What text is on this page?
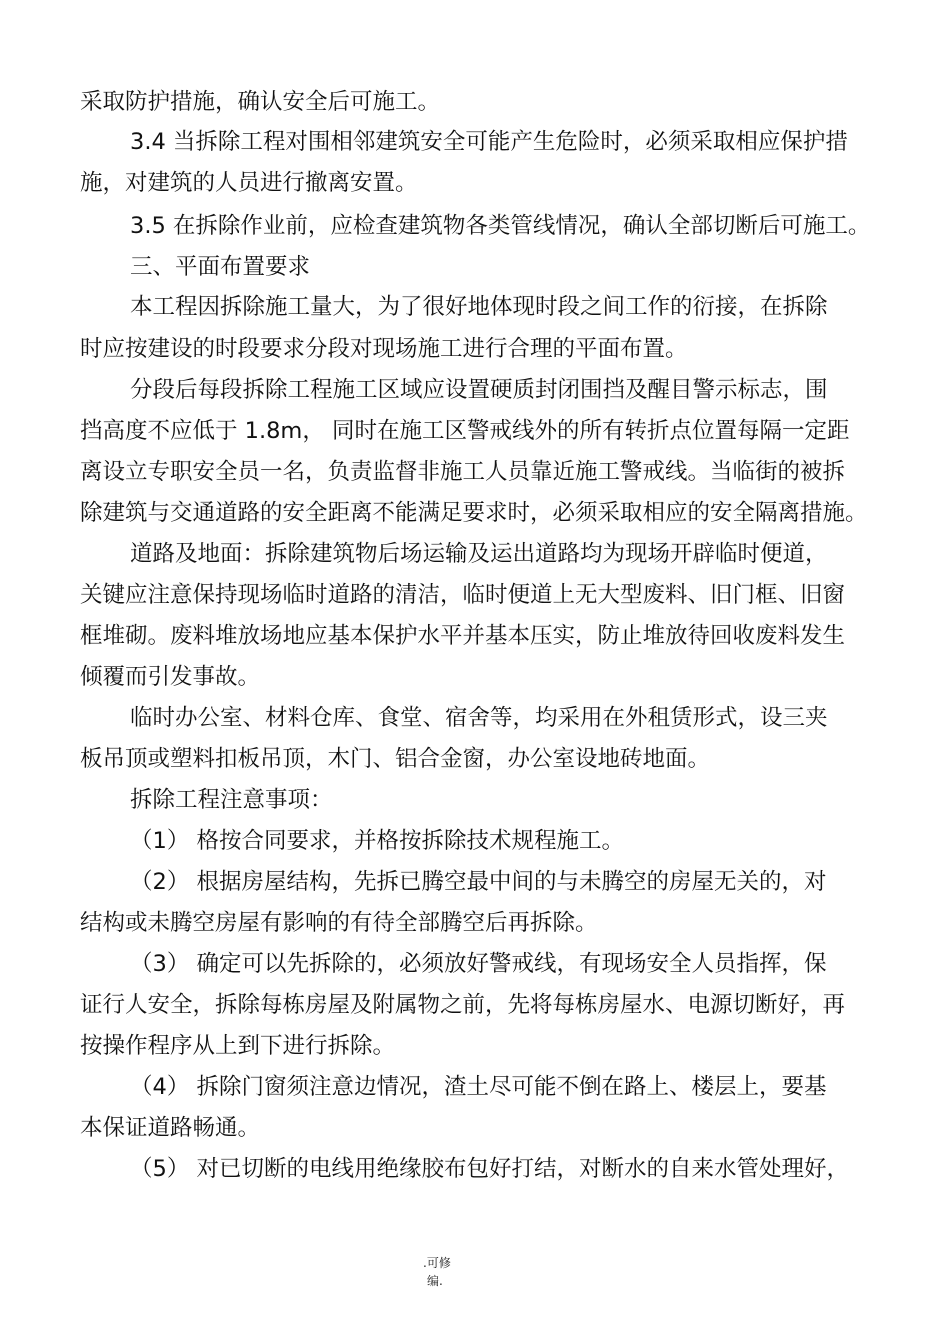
采取防护措施，确认安全后可施工。
3.4 当拆除工程对围相邻建筑安全可能产生危险时，必须采取相应保护措
施，对建筑的人员进行撤离安置。
3.5 在拆除作业前，应检查建筑物各类管线情况，确认全部切断后可施工。
三、平面布置要求
本工程因拆除施工量大，为了很好地体现时段之间工作的衍接，在拆除
时应按建设的时段要求分段对现场施工进行合理的平面布置。
分段后每段拆除工程施工区域应设置硬质封闭围挡及醒目警示标志，围
挡高度不应低于 1.8m， 同时在施工区警戒线外的所有转折点位置每隔一定距
离设立专职安全员一名，负责监督非施工人员靠近施工警戒线。当临街的被拆
除建筑与交通道路的安全距离不能满足要求时，必须采取相应的安全隔离措施。
道路及地面：拆除建筑物后场运输及运出道路均为现场开辟临时便道，
关键应注意保持现场临时道路的清洁，临时便道上无大型废料、旧门框、旧窗
框堆砌。废料堆放场地应基本保护水平并基本压实，防止堆放待回收废料发生
倾覆而引发事故。
临时办公室、材料仓库、食堂、宿舍等，均采用在外租赁形式，设三夹
板吊顶或塑料扣板吊顶，木门、铝合金窗，办公室设地砖地面。
拆除工程注意事项：
（1） 格按合同要求，并格按拆除技术规程施工。
（2） 根据房屋结构，先拆已腾空最中间的与未腾空的房屋无关的，对
结构或未腾空房屋有影响的有待全部腾空后再拆除。
（3） 确定可以先拆除的，必须放好警戒线，有现场安全人员指挥，保
证行人安全，拆除每栋房屋及附属物之前，先将每栋房屋水、电源切断好，再
按操作程序从上到下进行拆除。
（4） 拆除门窗须注意边情况，渣土尽可能不倒在路上、楼层上，要基
本保证道路畅通。
（5） 对已切断的电线用绝缘胶布包好打结，对断水的自来水管处理好，
.可修
编.
